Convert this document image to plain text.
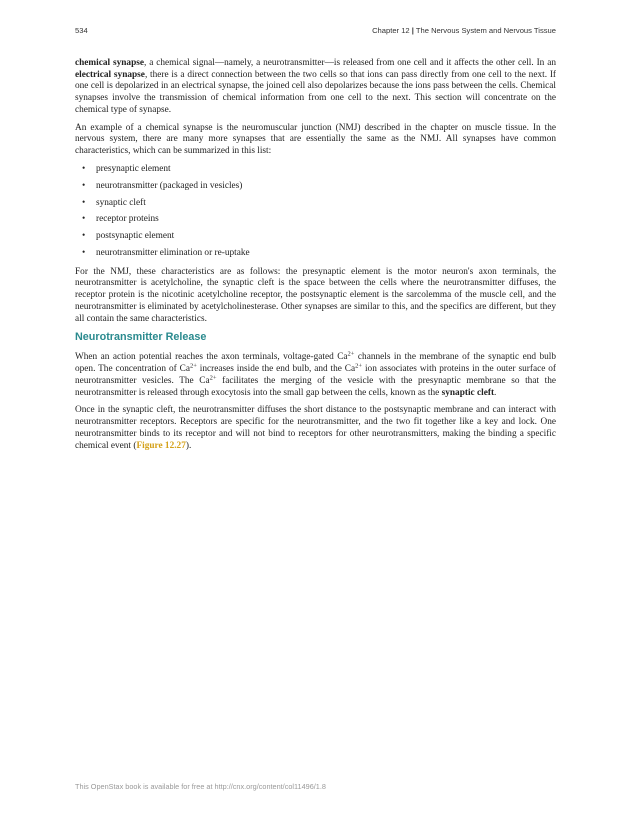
534	Chapter 12 | The Nervous System and Nervous Tissue

chemical synapse, a chemical signal—namely, a neurotransmitter—is released from one cell and it affects the other cell. In an electrical synapse, there is a direct connection between the two cells so that ions can pass directly from one cell to the next. If one cell is depolarized in an electrical synapse, the joined cell also depolarizes because the ions pass between the cells. Chemical synapses involve the transmission of chemical information from one cell to the next. This section will concentrate on the chemical type of synapse.

An example of a chemical synapse is the neuromuscular junction (NMJ) described in the chapter on muscle tissue. In the nervous system, there are many more synapses that are essentially the same as the NMJ. All synapses have common characteristics, which can be summarized in this list:

• presynaptic element
• neurotransmitter (packaged in vesicles)
• synaptic cleft
• receptor proteins
• postsynaptic element
• neurotransmitter elimination or re-uptake

For the NMJ, these characteristics are as follows: the presynaptic element is the motor neuron's axon terminals, the neurotransmitter is acetylcholine, the synaptic cleft is the space between the cells where the neurotransmitter diffuses, the receptor protein is the nicotinic acetylcholine receptor, the postsynaptic element is the sarcolemma of the muscle cell, and the neurotransmitter is eliminated by acetylcholinesterase. Other synapses are similar to this, and the specifics are different, but they all contain the same characteristics.

Neurotransmitter Release

When an action potential reaches the axon terminals, voltage-gated $Ca^{2+}$ channels in the membrane of the synaptic end bulb open. The concentration of $Ca^{2+}$ increases inside the end bulb, and the $Ca^{2+}$ ion associates with proteins in the outer surface of neurotransmitter vesicles. The $Ca^{2+}$ facilitates the merging of the vesicle with the presynaptic membrane so that the neurotransmitter is released through exocytosis into the small gap between the cells, known as the synaptic cleft.

Once in the synaptic cleft, the neurotransmitter diffuses the short distance to the postsynaptic membrane and can interact with neurotransmitter receptors. Receptors are specific for the neurotransmitter, and the two fit together like a key and lock. One neurotransmitter binds to its receptor and will not bind to receptors for other neurotransmitters, making the binding a specific chemical event (Figure 12.27).

This OpenStax book is available for free at http://cnx.org/content/col11496/1.8
